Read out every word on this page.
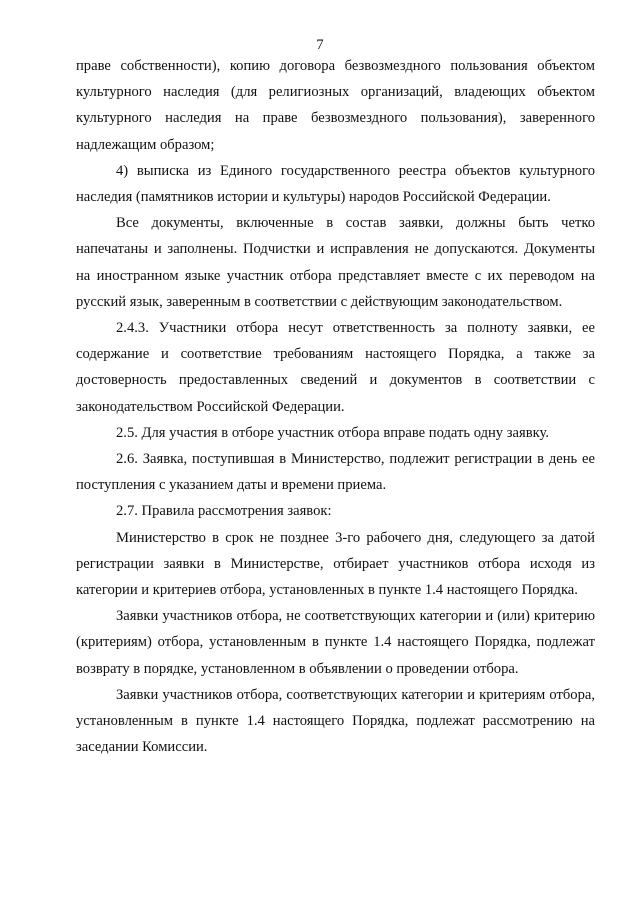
7

праве собственности), копию договора безвозмездного пользования объектом культурного наследия (для религиозных организаций, владеющих объектом культурного наследия на праве безвозмездного пользования), заверенного надлежащим образом;

4) выписка из Единого государственного реестра объектов культурного наследия (памятников истории и культуры) народов Российской Федерации.

Все документы, включенные в состав заявки, должны быть четко напечатаны и заполнены. Подчистки и исправления не допускаются. Документы на иностранном языке участник отбора представляет вместе с их переводом на русский язык, заверенным в соответствии с действующим законодательством.

2.4.3. Участники отбора несут ответственность за полноту заявки, ее содержание и соответствие требованиям настоящего Порядка, а также за достоверность предоставленных сведений и документов в соответствии с законодательством Российской Федерации.

2.5. Для участия в отборе участник отбора вправе подать одну заявку.

2.6. Заявка, поступившая в Министерство, подлежит регистрации в день ее поступления с указанием даты и времени приема.

2.7. Правила рассмотрения заявок:

Министерство в срок не позднее 3-го рабочего дня, следующего за датой регистрации заявки в Министерстве, отбирает участников отбора исходя из категории и критериев отбора, установленных в пункте 1.4 настоящего Порядка.

Заявки участников отбора, не соответствующих категории и (или) критерию (критериям) отбора, установленным в пункте 1.4 настоящего Порядка, подлежат возврату в порядке, установленном в объявлении о проведении отбора.

Заявки участников отбора, соответствующих категории и критериям отбора, установленным в пункте 1.4 настоящего Порядка, подлежат рассмотрению на заседании Комиссии.
